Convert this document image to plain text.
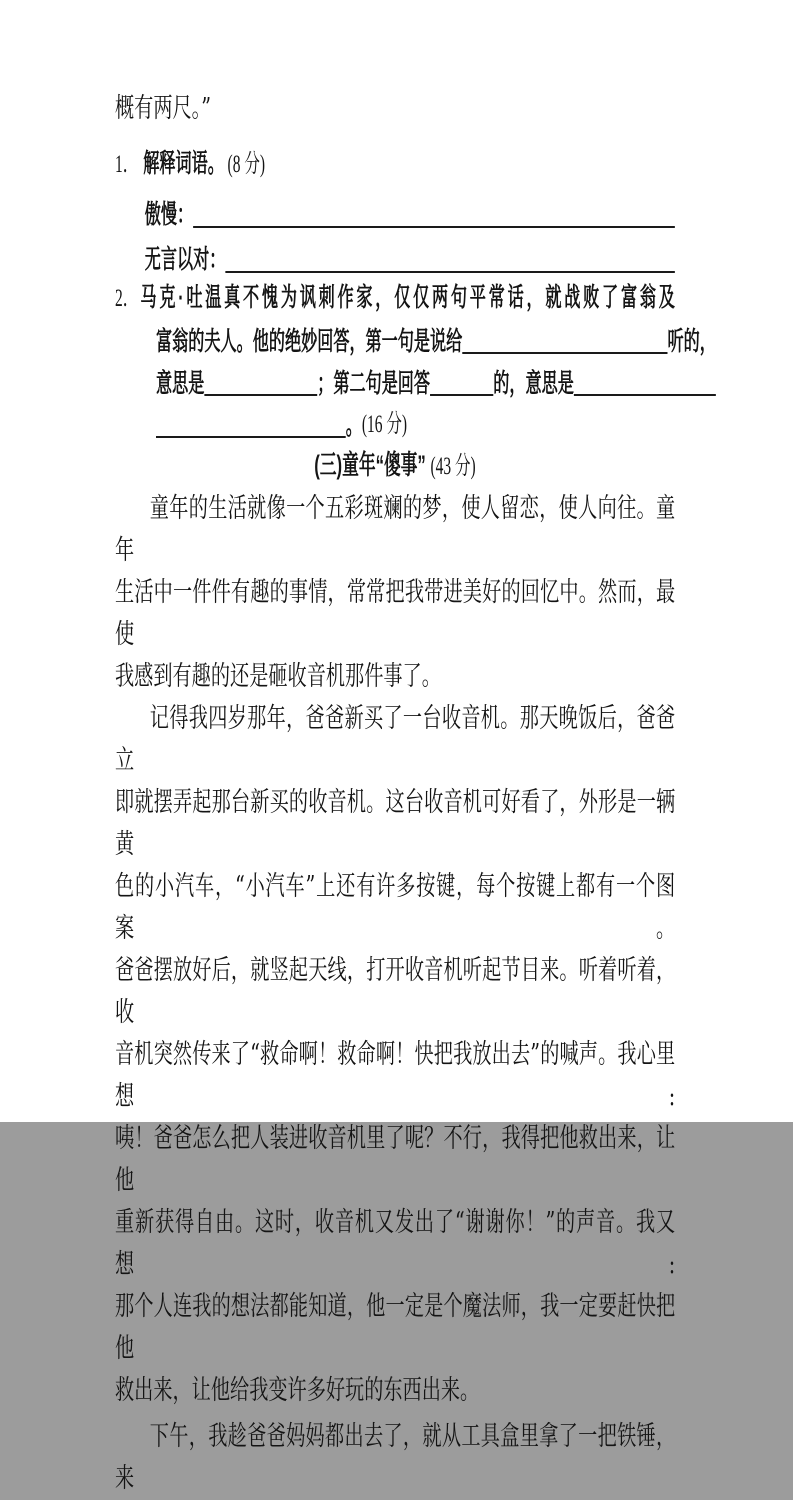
概有两尺。”
1． 解释词语。 (8 分)
傲慢：
无言以对：
2． 马克·吐温真不愧为讽刺作家，仅仅两句平常话，就战败了富翁及
富翁的夫人。他的绝妙回答，第一句是说给	听的，
意思是	；第二句是回答 的，意思是
。 (16 分)
(三)童年“傻事” (43 分)
童年的生活就像一个五彩斑斓的梦，使人留恋，使人向往。童年
生活中一件件有趣的事情，常常把我带进美好的回忆中。然而，最使
我感到有趣的还是砸收音机那件事了。
记得我四岁那年，爸爸新买了一台收音机。那天晚饭后，爸爸立
即就摆弄起那台新买的收音机。这台收音机可好看了，外形是一辆黄
色的小汽车，“小汽车”上还有许多按键，每个按键上都有一个图案。
爸爸摆放好后，就竖起天线，打开收音机听起节目来。听着听着，收
音机突然传来了“救命啊！救命啊！快把我放出去”的喊声。我心里想:
咦！爸爸怎么把人装进收音机里了呢？不行，我得把他救出来，让他
重新获得自由。这时，收音机又发出了“谢谢你！”的声音。我又想:
那个人连我的想法都能知道，他一定是个魔法师，我一定要赶快把他
救出来，让他给我变许多好玩的东西出来。
下午，我趁爸爸妈妈都出去了，就从工具盒里拿了一把铁锤，来
